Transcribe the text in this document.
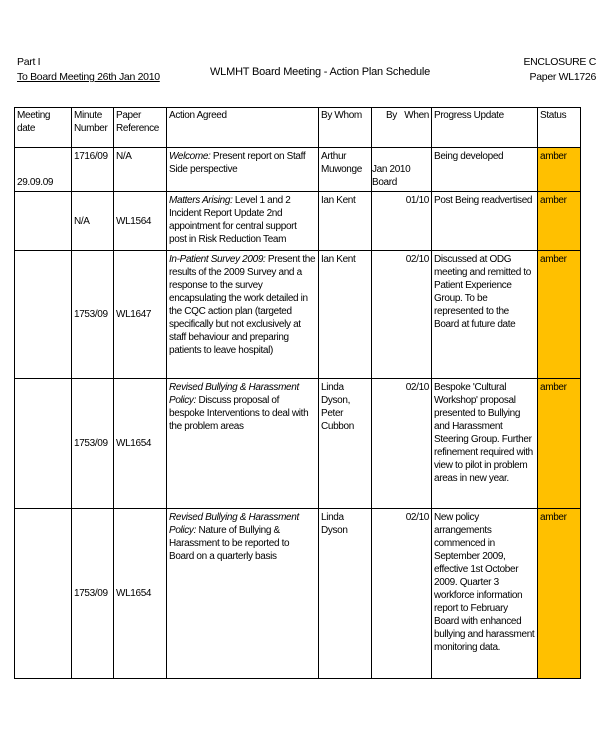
Part I
To Board Meeting 26th Jan 2010	WLMHT Board Meeting - Action Plan Schedule
ENCLOSURE C
Paper WL1726
Meeting date	Minute Number	Paper Reference	Action Agreed	By Whom	By When	Progress Update	Status

29.09.09	1716/09	N/A	Welcome: Present report on Staff Side perspective	Arthur Muwonge	Jan 2010 Board	Being developed	amber
	N/A	WL1564	Matters Arising: Level 1 and 2 Incident Report Update 2nd appointment for central support post in Risk Reduction Team	Ian Kent	01/10	Post Being readvertised	amber
	1753/09	WL1647	In-Patient Survey 2009: Present the results of the 2009 Survey and a response to the survey encapsulating the work detailed in the CQC action plan (targeted specifically but not exclusively at staff behaviour and preparing patients to leave hospital)	Ian Kent	02/10	Discussed at ODG meeting and remitted to Patient Experience Group. To be represented to the Board at future date	amber
	1753/09	WL1654	Revised Bullying & Harassment Policy: Discuss proposal of bespoke Interventions to deal with the problem areas	Linda Dyson, Peter Cubbon	02/10	Bespoke 'Cultural Workshop' proposal presented to Bullying and Harassment Steering Group. Further refinement required with view to pilot in problem areas in new year.	amber
	1753/09	WL1654	Revised Bullying & Harassment Policy: Nature of Bullying & Harassment to be reported to Board on a quarterly basis	Linda Dyson	02/10	New policy arrangements commenced in September 2009, effective 1st October 2009. Quarter 3 workforce information report to February Board with enhanced bullying and harassment monitoring data.	amber
